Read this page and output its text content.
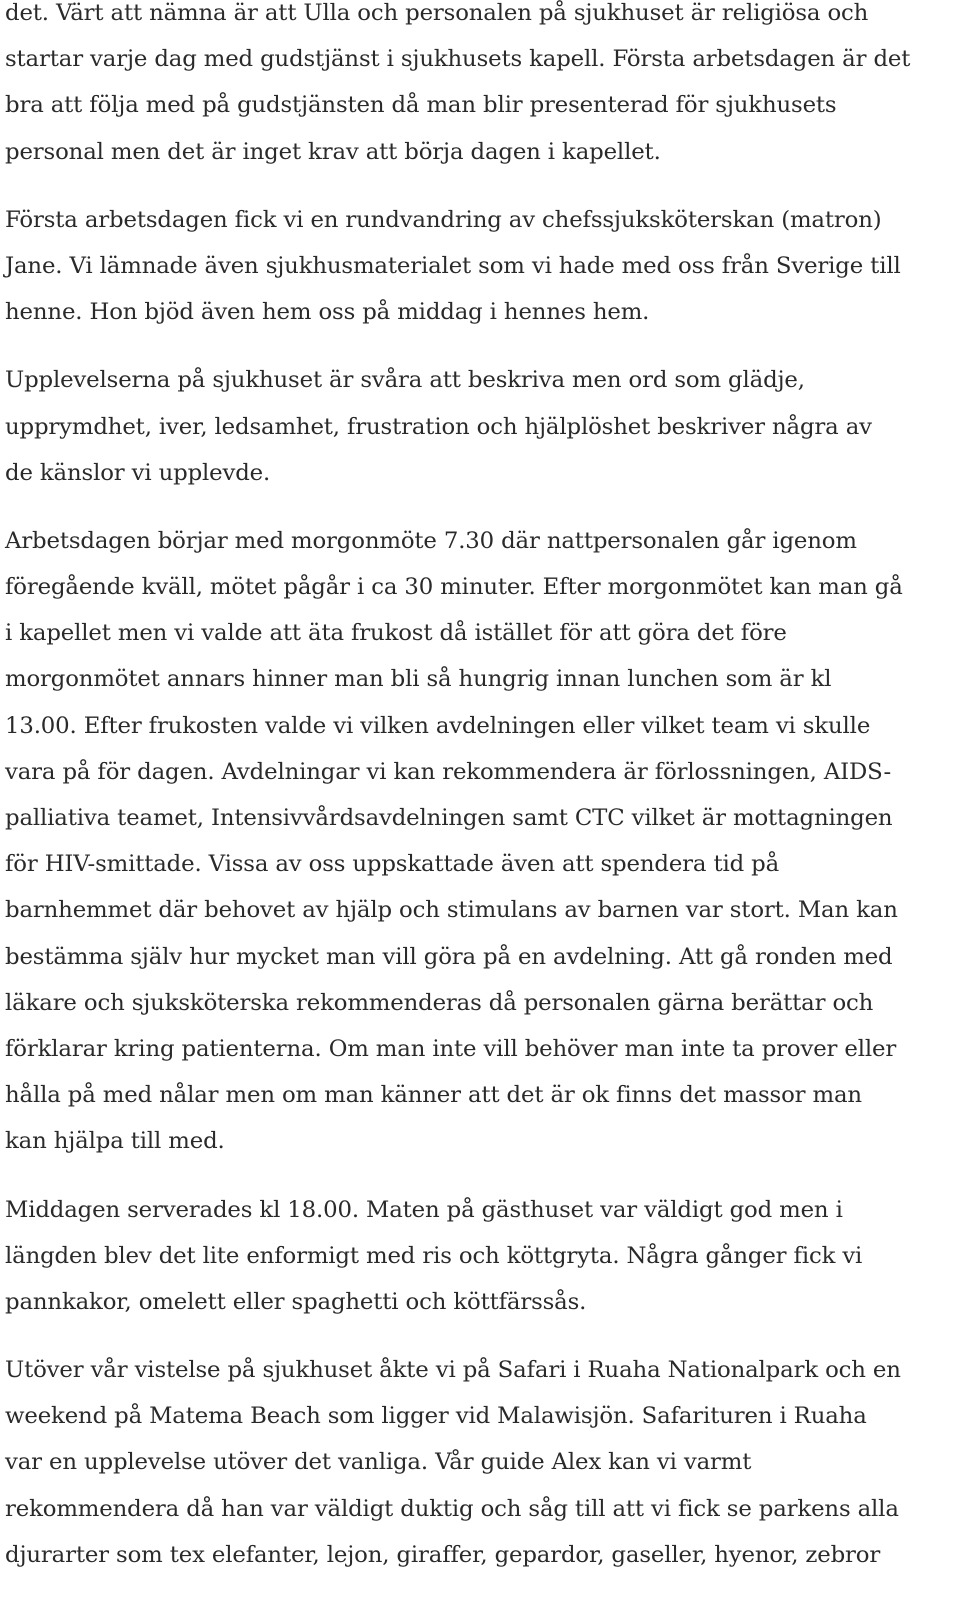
det. Värt att nämna är att Ulla och personalen på sjukhuset är religiösa och
startar varje dag med gudstjänst i sjukhusets kapell. Första arbetsdagen är det
bra att följa med på gudstjänsten då man blir presenterad för sjukhusets
personal men det är inget krav att börja dagen i kapellet.

Första arbetsdagen fick vi en rundvandring av chefssjuksköterskan (matron)
Jane. Vi lämnade även sjukhusmaterialet som vi hade med oss från Sverige till
henne. Hon bjöd även hem oss på middag i hennes hem.

Upplevelserna på sjukhuset är svåra att beskriva men ord som glädje,
upprymdhet, iver, ledsamhet, frustration och hjälplöshet beskriver några av
de känslor vi upplevde.

Arbetsdagen börjar med morgonmöte 7.30 där nattpersonalen går igenom
föregående kväll, mötet pågår i ca 30 minuter. Efter morgonmötet kan man gå
i kapellet men vi valde att äta frukost då istället för att göra det före
morgonmötet annars hinner man bli så hungrig innan lunchen som är kl
13.00. Efter frukosten valde vi vilken avdelningen eller vilket team vi skulle
vara på för dagen. Avdelningar vi kan rekommendera är förlossningen, AIDS-
palliativa teamet, Intensivvårdsavdelningen samt CTC vilket är mottagningen
för HIV-smittade. Vissa av oss uppskattade även att spendera tid på
barnhemmet där behovet av hjälp och stimulans av barnen var stort. Man kan
bestämma själv hur mycket man vill göra på en avdelning. Att gå ronden med
läkare och sjuksköterska rekommenderas då personalen gärna berättar och
förklarar kring patienterna. Om man inte vill behöver man inte ta prover eller
hålla på med nålar men om man känner att det är ok finns det massor man
kan hjälpa till med.

Middagen serverades kl 18.00. Maten på gästhuset var väldigt god men i
längden blev det lite enformigt med ris och köttgryta. Några gånger fick vi
pannkakor, omelett eller spaghetti och köttfärssås.

Utöver vår vistelse på sjukhuset åkte vi på Safari i Ruaha Nationalpark och en
weekend på Matema Beach som ligger vid Malawisjön. Safarituren i Ruaha
var en upplevelse utöver det vanliga. Vår guide Alex kan vi varmt
rekommendera då han var väldigt duktig och såg till att vi fick se parkens alla
djurarter som tex elefanter, lejon, giraffer, gepardor, gaseller, hyenor, zebror
